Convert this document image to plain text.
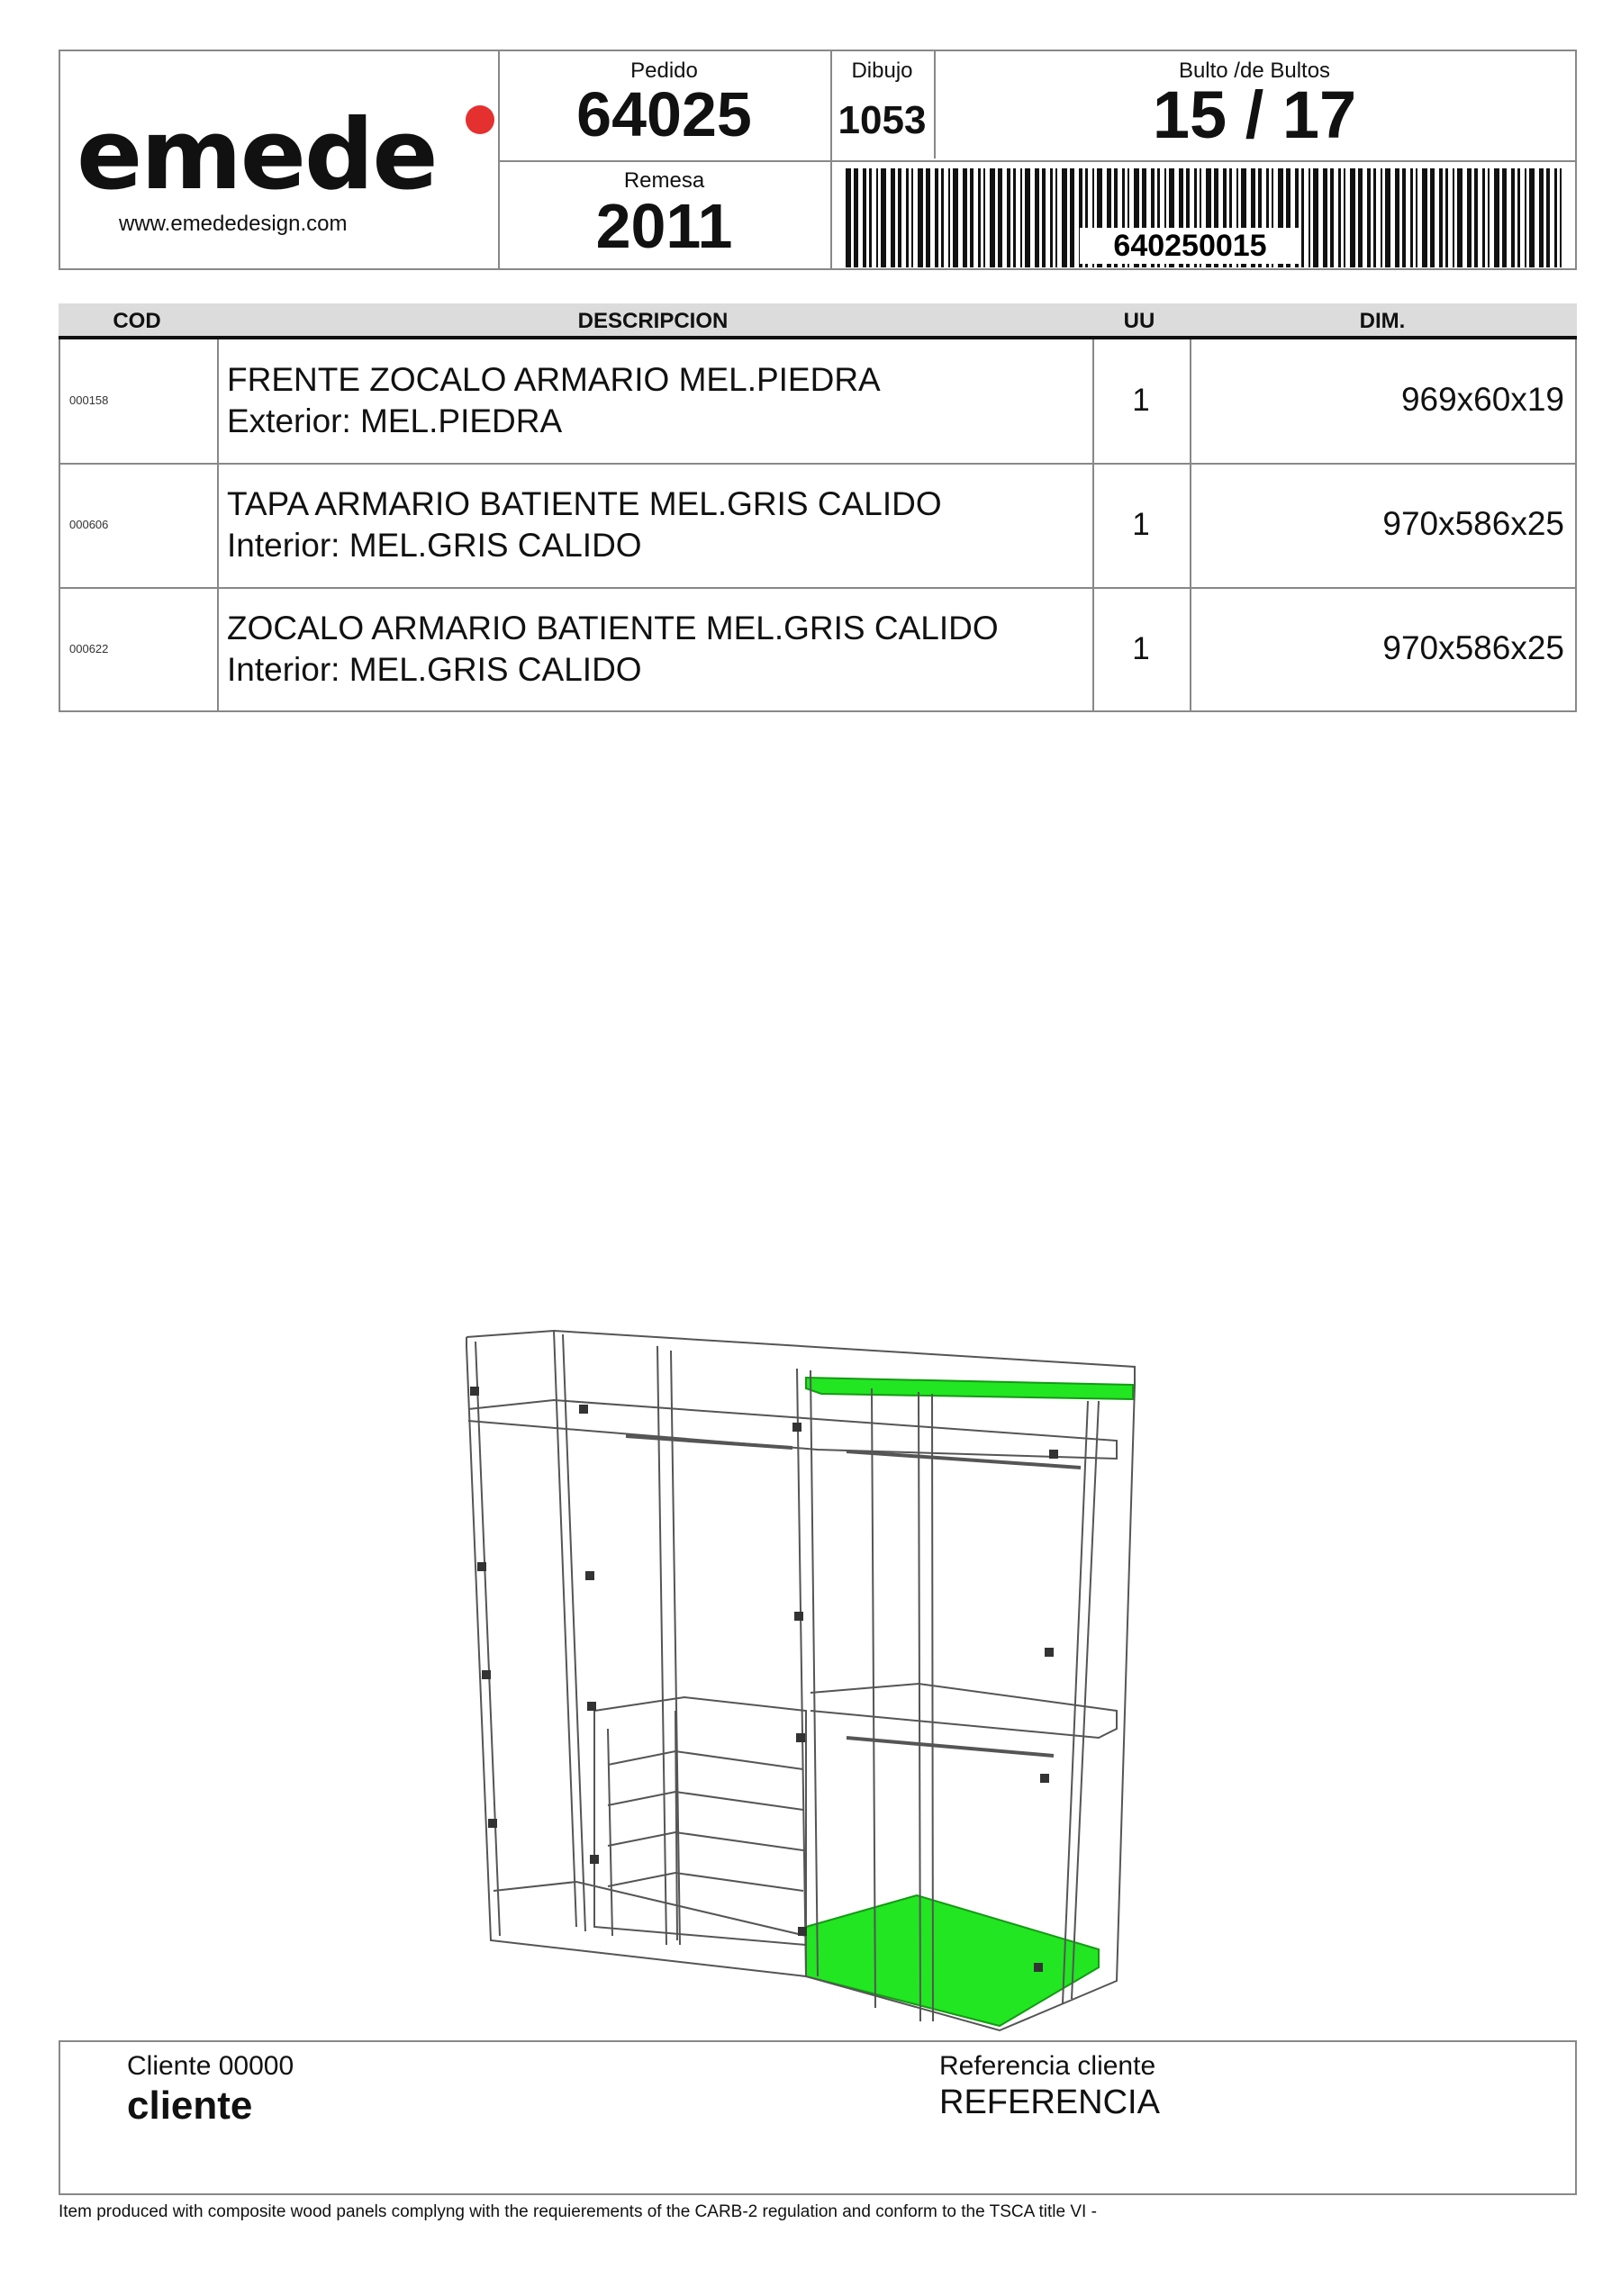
emede
www.emededesign.com
Pedido
64025
Dibujo
1053
Bulto /de Bultos
15 / 17
Remesa
2011	640250015
COD	DESCRIPCION	UU	DIM.
000158
FRENTE ZOCALO ARMARIO MEL.PIEDRA
Exterior: MEL.PIEDRA
1	969x60x19
000606
TAPA ARMARIO BATIENTE MEL.GRIS CALIDO
Interior: MEL.GRIS CALIDO
1	970x586x25
000622
ZOCALO ARMARIO BATIENTE MEL.GRIS CALIDO
Interior: MEL.GRIS CALIDO
1	970x586x25
Cliente 00000
cliente
Referencia cliente
REFERENCIA
Item produced with composite wood panels complyng with the requierements of the CARB-2 regulation and conform to the TSCA title VI -
